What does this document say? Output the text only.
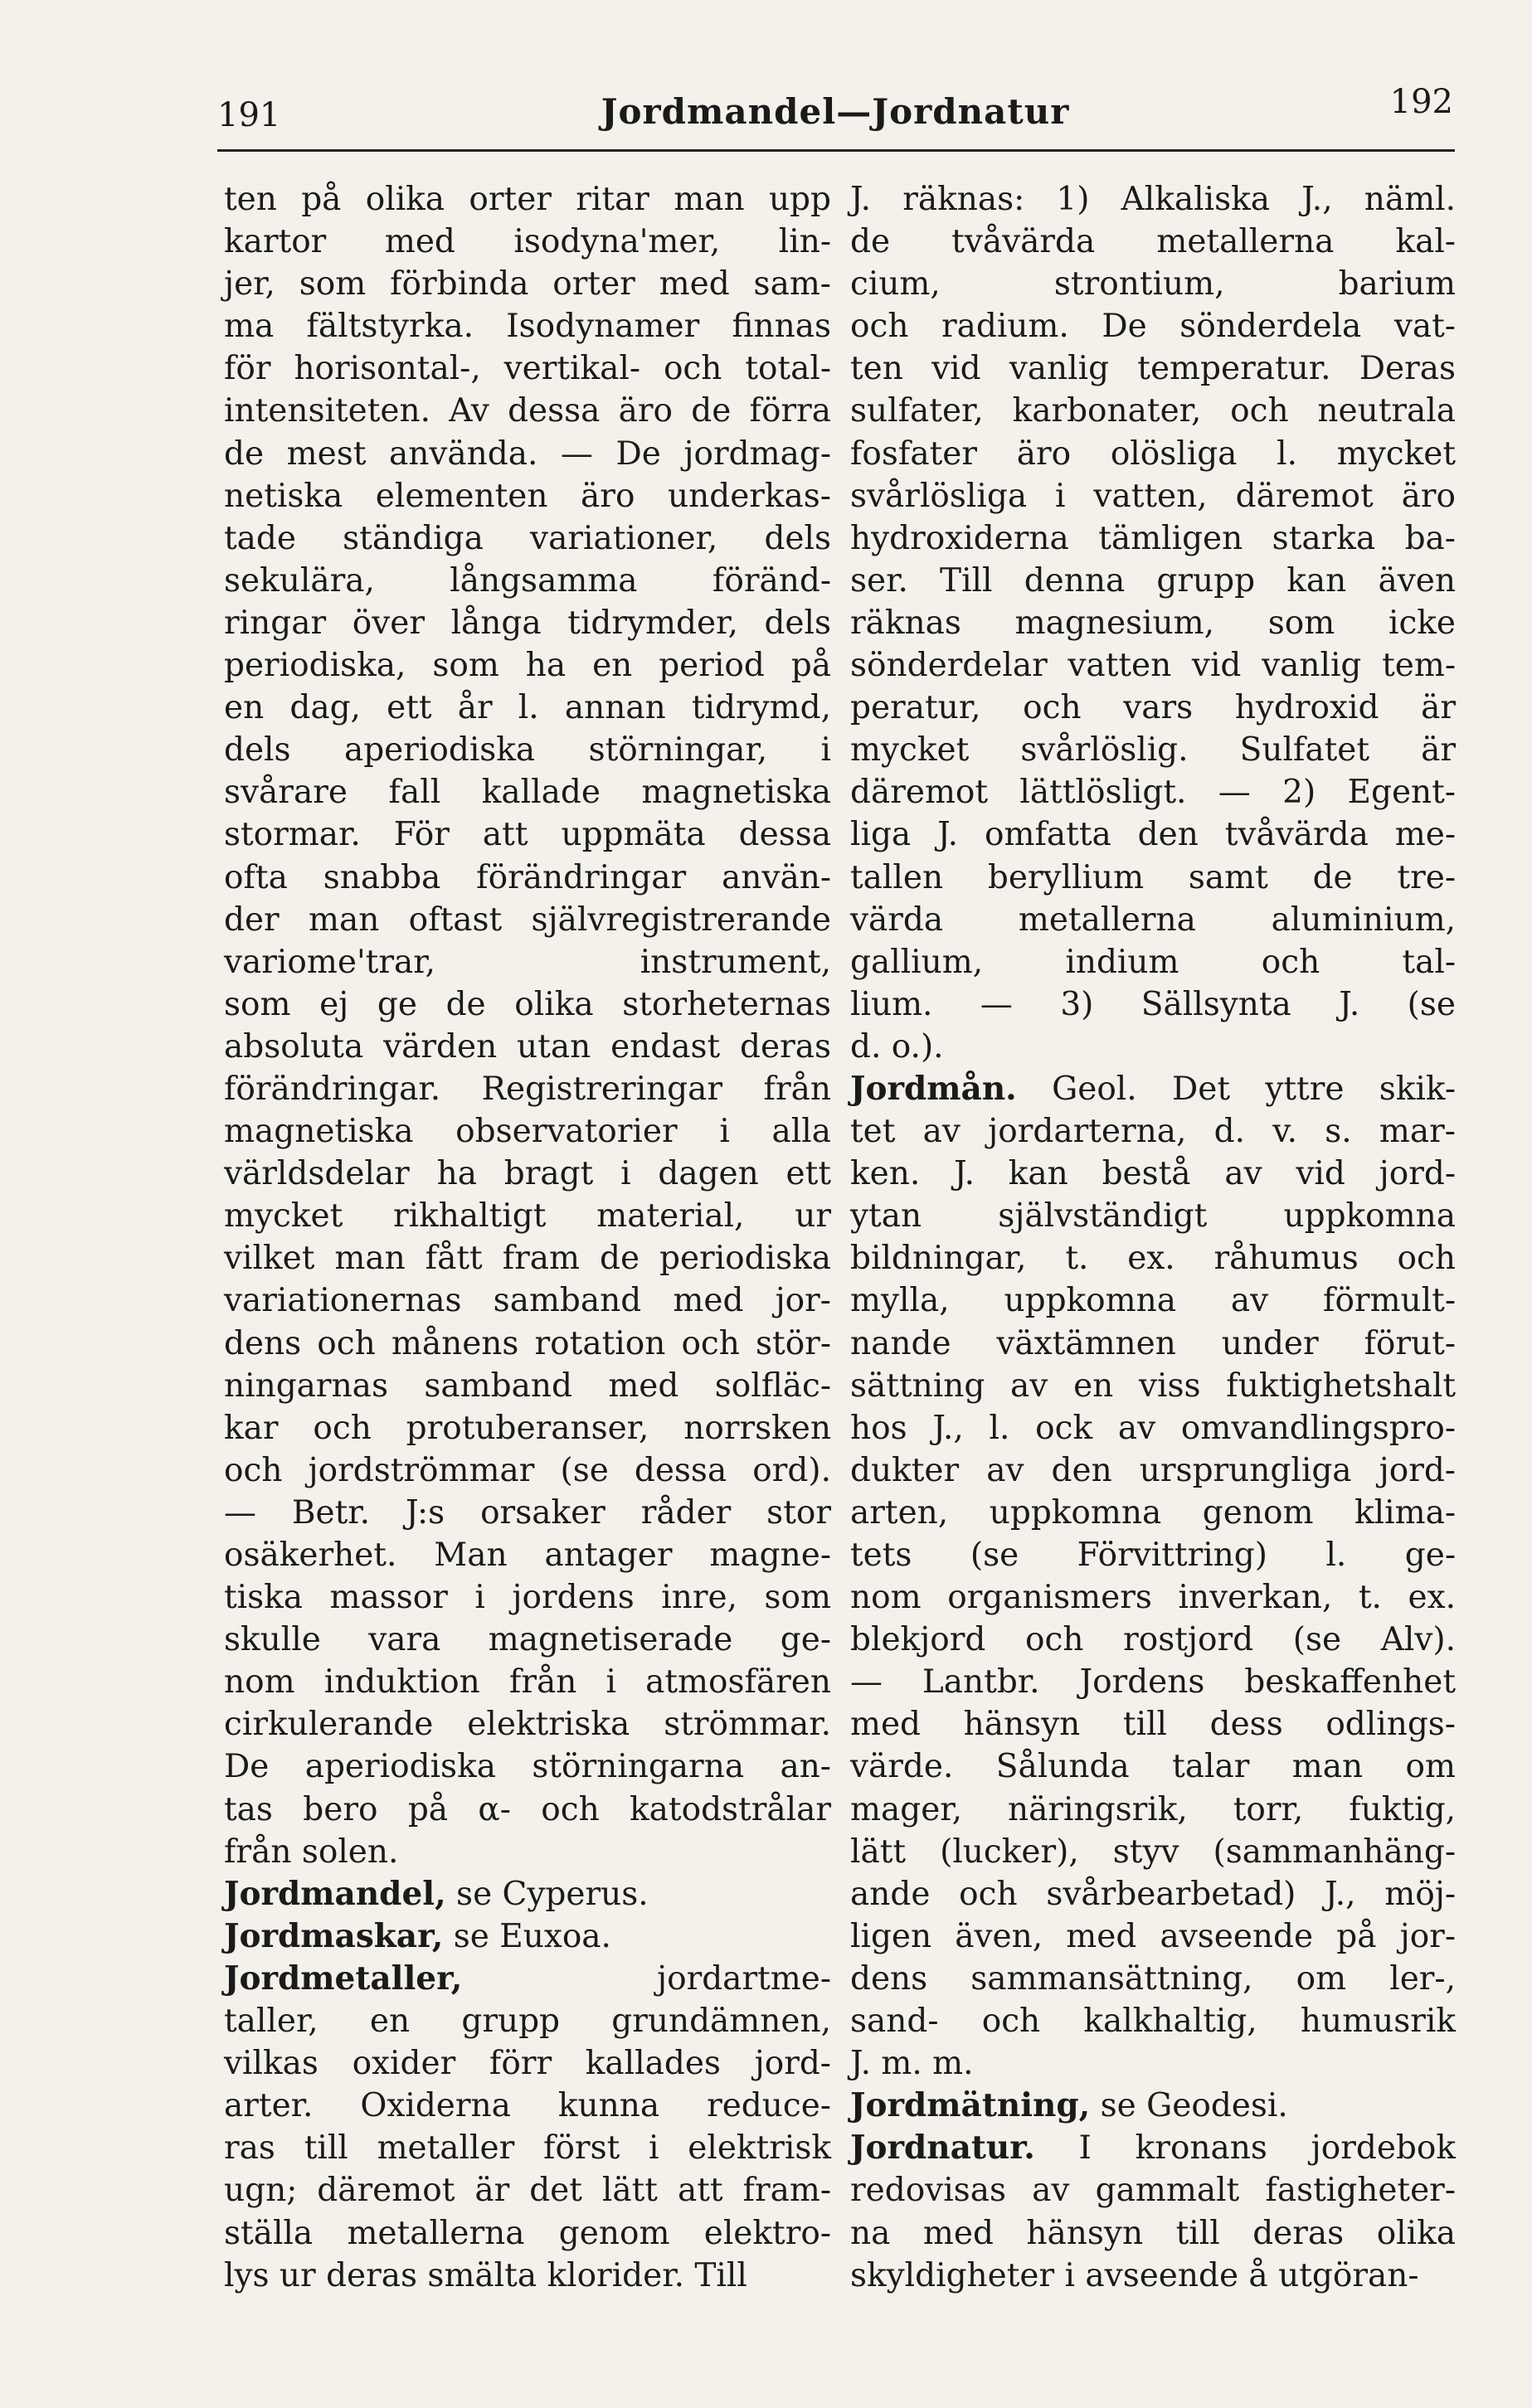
191	Jordmandel—Jordnatur	192
ten på olika orter ritar man upp
kartor med isodyna'mer, lin-
jer, som förbinda orter med sam-
ma fältstyrka. Isodynamer finnas
för horisontal-, vertikal- och total-
intensiteten. Av dessa äro de förra
de mest använda. — De jordmag-
netiska elementen äro underkas-
tade ständiga variationer, dels
sekulära, långsamma föränd-
ringar över långa tidrymder, dels
periodiska, som ha en period på
en dag, ett år l. annan tidrymd,
dels aperiodiska störningar, i
svårare fall kallade magnetiska
stormar. För att uppmäta dessa
ofta snabba förändringar använ-
der man oftast självregistrerande
variome'trar, instrument,
som ej ge de olika storheternas
absoluta värden utan endast deras
förändringar. Registreringar från
magnetiska observatorier i alla
världsdelar ha bragt i dagen ett
mycket rikhaltigt material, ur
vilket man fått fram de periodiska
variationernas samband med jor-
dens och månens rotation och stör-
ningarnas samband med solfläc-
kar och protuberanser, norrsken
och jordströmmar (se dessa ord).
— Betr. J:s orsaker råder stor
osäkerhet. Man antager magne-
tiska massor i jordens inre, som
skulle vara magnetiserade ge-
nom induktion från i atmosfären
cirkulerande elektriska strömmar.
De aperiodiska störningarna an-
tas bero på α- och katodstrålar
från solen.
Jordmandel, se Cyperus.
Jordmaskar, se Euxoa.
Jordmetaller, jordartme-
taller, en grupp grundämnen,
vilkas oxider förr kallades jord-
arter. Oxiderna kunna reduce-
ras till metaller först i elektrisk
ugn; däremot är det lätt att fram-
ställa metallerna genom elektro-
lys ur deras smälta klorider. Till
J. räknas: 1) Alkaliska J., näml.
de tvåvärda metallerna kal-
cium, strontium, barium
och radium. De sönderdela vat-
ten vid vanlig temperatur. Deras
sulfater, karbonater, och neutrala
fosfater äro olösliga l. mycket
svårlösliga i vatten, däremot äro
hydroxiderna tämligen starka ba-
ser. Till denna grupp kan även
räknas magnesium, som icke
sönderdelar vatten vid vanlig tem-
peratur, och vars hydroxid är
mycket svårlöslig. Sulfatet är
däremot lättlösligt. — 2) Egent-
liga J. omfatta den tvåvärda me-
tallen beryllium samt de tre-
värda metallerna aluminium,
gallium, indium och tal-
lium. — 3) Sällsynta J. (se
d. o.).
Jordmån. Geol. Det yttre skik-
tet av jordarterna, d. v. s. mar-
ken. J. kan bestå av vid jord-
ytan självständigt uppkomna
bildningar, t. ex. råhumus och
mylla, uppkomna av förmult-
nande växtämnen under förut-
sättning av en viss fuktighetshalt
hos J., l. ock av omvandlingspro-
dukter av den ursprungliga jord-
arten, uppkomna genom klima-
tets (se Förvittring) l. ge-
nom organismers inverkan, t. ex.
blekjord och rostjord (se Alv).
— Lantbr. Jordens beskaffenhet
med hänsyn till dess odlings-
värde. Sålunda talar man om
mager, näringsrik, torr, fuktig,
lätt (lucker), styv (sammanhäng-
ande och svårbearbetad) J., möj-
ligen även, med avseende på jor-
dens sammansättning, om ler-,
sand- och kalkhaltig, humusrik
J. m. m.
Jordmätning, se Geodesi.
Jordnatur. I kronans jordebok
redovisas av gammalt fastigheter-
na med hänsyn till deras olika
skyldigheter i avseende å utgöran-
